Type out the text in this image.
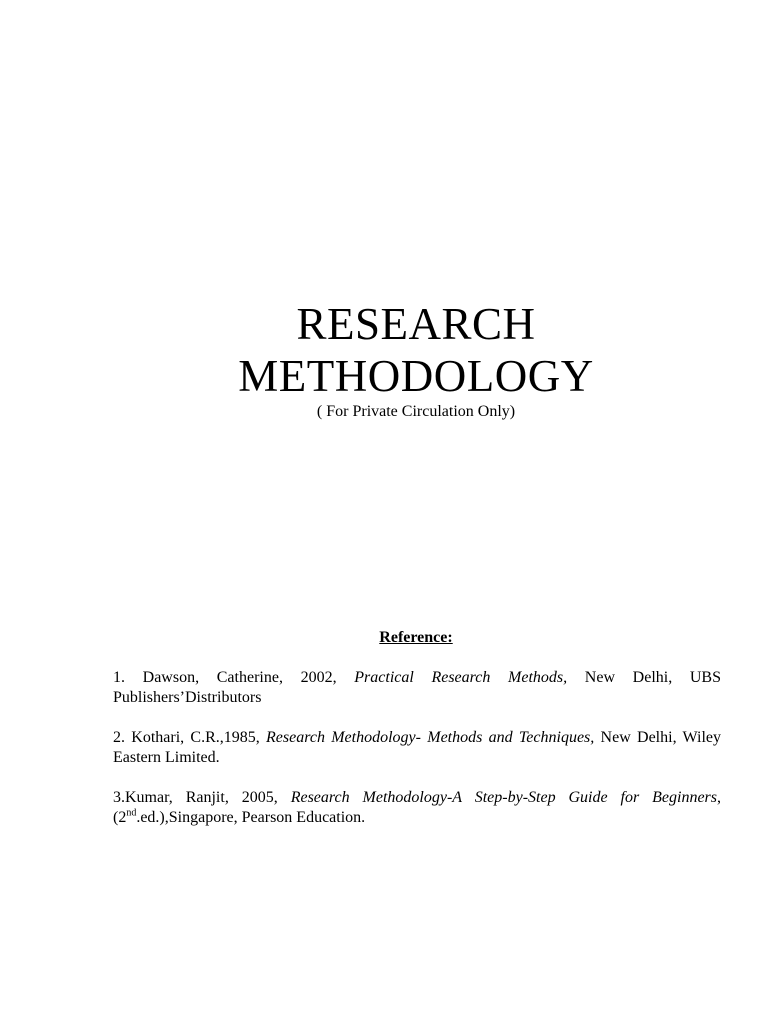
RESEARCH
METHODOLOGY
( For Private Circulation Only)
Reference:

1. Dawson, Catherine, 2002, Practical Research Methods, New Delhi, UBS Publishers’Distributors

2. Kothari, C.R.,1985, Research Methodology- Methods and Techniques, New Delhi, Wiley Eastern Limited.

3.Kumar, Ranjit, 2005, Research Methodology-A Step-by-Step Guide for Beginners,(2nd.ed.),Singapore, Pearson Education.
